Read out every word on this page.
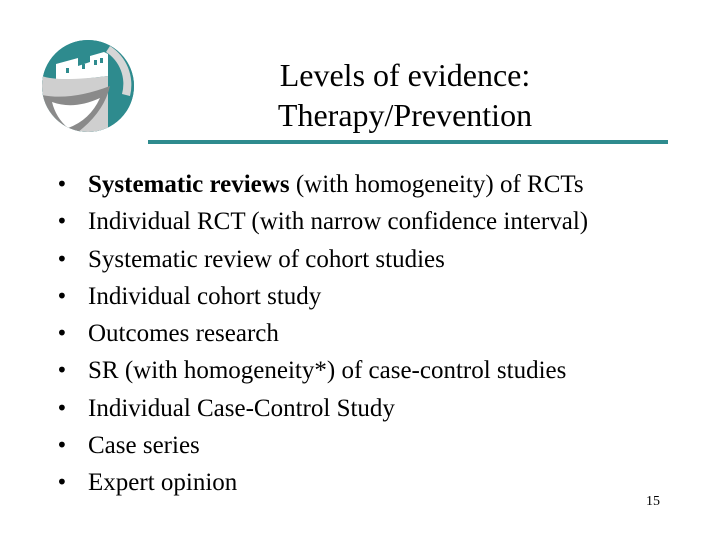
Levels of evidence:
Therapy/Prevention
• Systematic reviews (with homogeneity) of RCTs
• Individual RCT (with narrow confidence interval)
• Systematic review of cohort studies
• Individual cohort study
• Outcomes research
• SR (with homogeneity*) of case-control studies
• Individual Case-Control Study
• Case series
• Expert opinion
15
